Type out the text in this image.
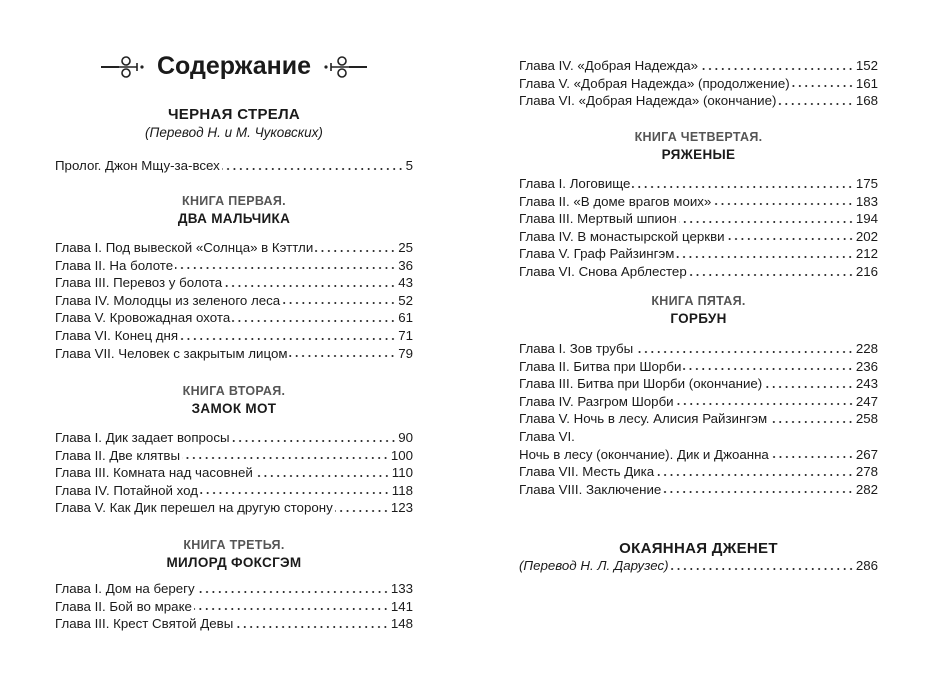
Содержание
ЧЕРНАЯ СТРЕЛА
(Перевод Н. и М. Чуковских)
Пролог. Джон Мщу-за-всех	5
КНИГА ПЕРВАЯ.
ДВА МАЛЬЧИКА
Глава I. Под вывеской «Солнца» в Кэттли	25
Глава II. На болоте	36
Глава III. Перевоз у болота	43
Глава IV. Молодцы из зеленого леса	52
Глава V. Кровожадная охота	61
Глава VI. Конец дня	71
Глава VII. Человек с закрытым лицом	79
КНИГА ВТОРАЯ.
ЗАМОК МОТ
Глава I. Дик задает вопросы	90
Глава II. Две клятвы	100
Глава III. Комната над часовней	110
Глава IV. Потайной ход	118
Глава V. Как Дик перешел на другую сторону	123
КНИГА ТРЕТЬЯ.
МИЛОРД ФОКСГЭМ
Глава I. Дом на берегу	133
Глава II. Бой во мраке	141
Глава III. Крест Святой Девы	148
Глава IV. «Добрая Надежда»	152
Глава V. «Добрая Надежда» (продолжение)	161
Глава VI. «Добрая Надежда» (окончание)	168
КНИГА ЧЕТВЕРТАЯ.
РЯЖЕНЫЕ
Глава I. Логовище	175
Глава II. «В доме врагов моих»	183
Глава III. Мертвый шпион	194
Глава IV. В монастырской церкви	202
Глава V. Граф Райзингэм	212
Глава VI. Снова Арблестер	216
КНИГА ПЯТАЯ.
ГОРБУН
Глава I. Зов трубы	228
Глава II. Битва при Шорби	236
Глава III. Битва при Шорби (окончание)	243
Глава IV. Разгром Шорби	247
Глава V. Ночь в лесу. Алисия Райзингэм	258
Глава VI.
Ночь в лесу (окончание). Дик и Джоанна	267
Глава VII. Месть Дика	278
Глава VIII. Заключение	282
ОКАЯННАЯ ДЖЕНЕТ
(Перевод Н. Л. Дарузес)	286
